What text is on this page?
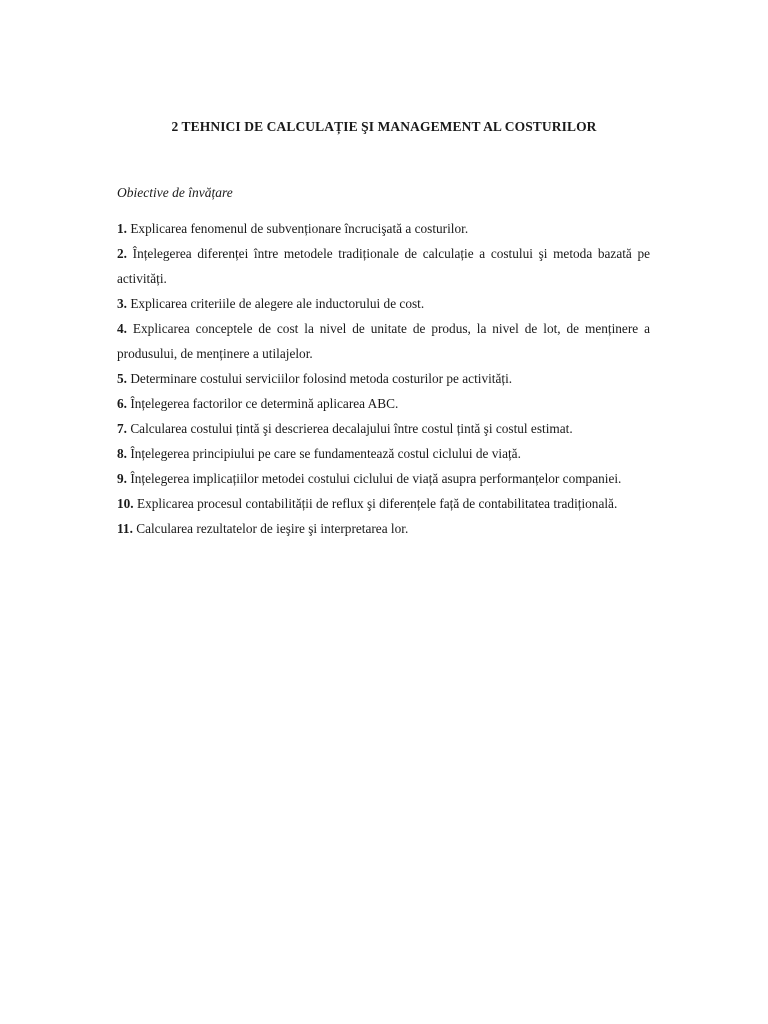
2 TEHNICI DE CALCULAȚIE ŞI MANAGEMENT AL COSTURILOR
Obiective de învățare
1. Explicarea fenomenul de subvenționare încrucişată a costurilor.
2. Înțelegerea diferenței între metodele tradiționale de calculație a costului şi metoda bazată pe activități.
3. Explicarea criteriile de alegere ale inductorului de cost.
4. Explicarea conceptele de cost la nivel de unitate de produs, la nivel de lot, de menținere a produsului, de menținere a utilajelor.
5. Determinare costului serviciilor folosind metoda costurilor pe activități.
6. Înțelegerea factorilor ce determină aplicarea ABC.
7. Calcularea costului țintă şi descrierea decalajului între costul țintă şi costul estimat.
8. Înțelegerea principiului pe care se fundamentează costul ciclului de viață.
9. Înțelegerea implicațiilor metodei costului ciclului de viață asupra performanțelor companiei.
10. Explicarea procesul contabilității de reflux şi diferențele față de contabilitatea tradițională.
11. Calcularea rezultatelor de ieşire şi interpretarea lor.
